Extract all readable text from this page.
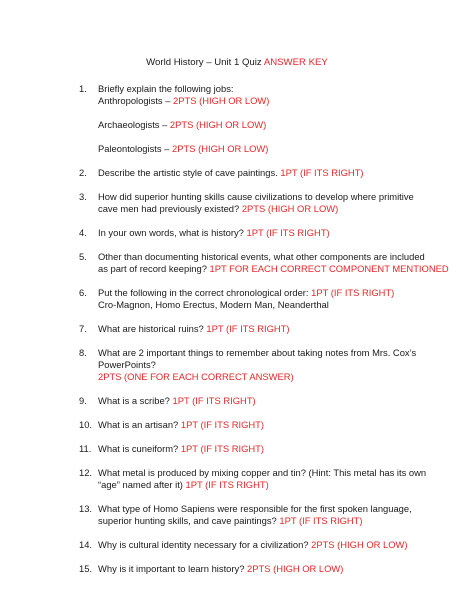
World History – Unit 1 Quiz ANSWER KEY
1. Briefly explain the following jobs:
Anthropologists – 2PTS (HIGH OR LOW)
Archaeologists – 2PTS (HIGH OR LOW)
Paleontologists – 2PTS (HIGH OR LOW)
2. Describe the artistic style of cave paintings. 1PT (IF ITS RIGHT)
3. How did superior hunting skills cause civilizations to develop where primitive
cave men had previously existed? 2PTS (HIGH OR LOW)
4. In your own words, what is history? 1PT (IF ITS RIGHT)
5. Other than documenting historical events, what other components are included
as part of record keeping? 1PT FOR EACH CORRECT COMPONENT MENTIONED
6. Put the following in the correct chronological order: 1PT (IF ITS RIGHT)
Cro-Magnon, Homo Erectus, Modern Man, Neanderthal
7. What are historical ruins? 1PT (IF ITS RIGHT)
8. What are 2 important things to remember about taking notes from Mrs. Cox’s
PowerPoints?
2PTS (ONE FOR EACH CORRECT ANSWER)
9. What is a scribe? 1PT (IF ITS RIGHT)
10. What is an artisan? 1PT (IF ITS RIGHT)
11. What is cuneiform? 1PT (IF ITS RIGHT)
12. What metal is produced by mixing copper and tin? (Hint: This metal has its own
“age” named after it) 1PT (IF ITS RIGHT)
13. What type of Homo Sapiens were responsible for the first spoken language,
superior hunting skills, and cave paintings? 1PT (IF ITS RIGHT)
14. Why is cultural identity necessary for a civilization? 2PTS (HIGH OR LOW)
15. Why is it important to learn history? 2PTS (HIGH OR LOW)
